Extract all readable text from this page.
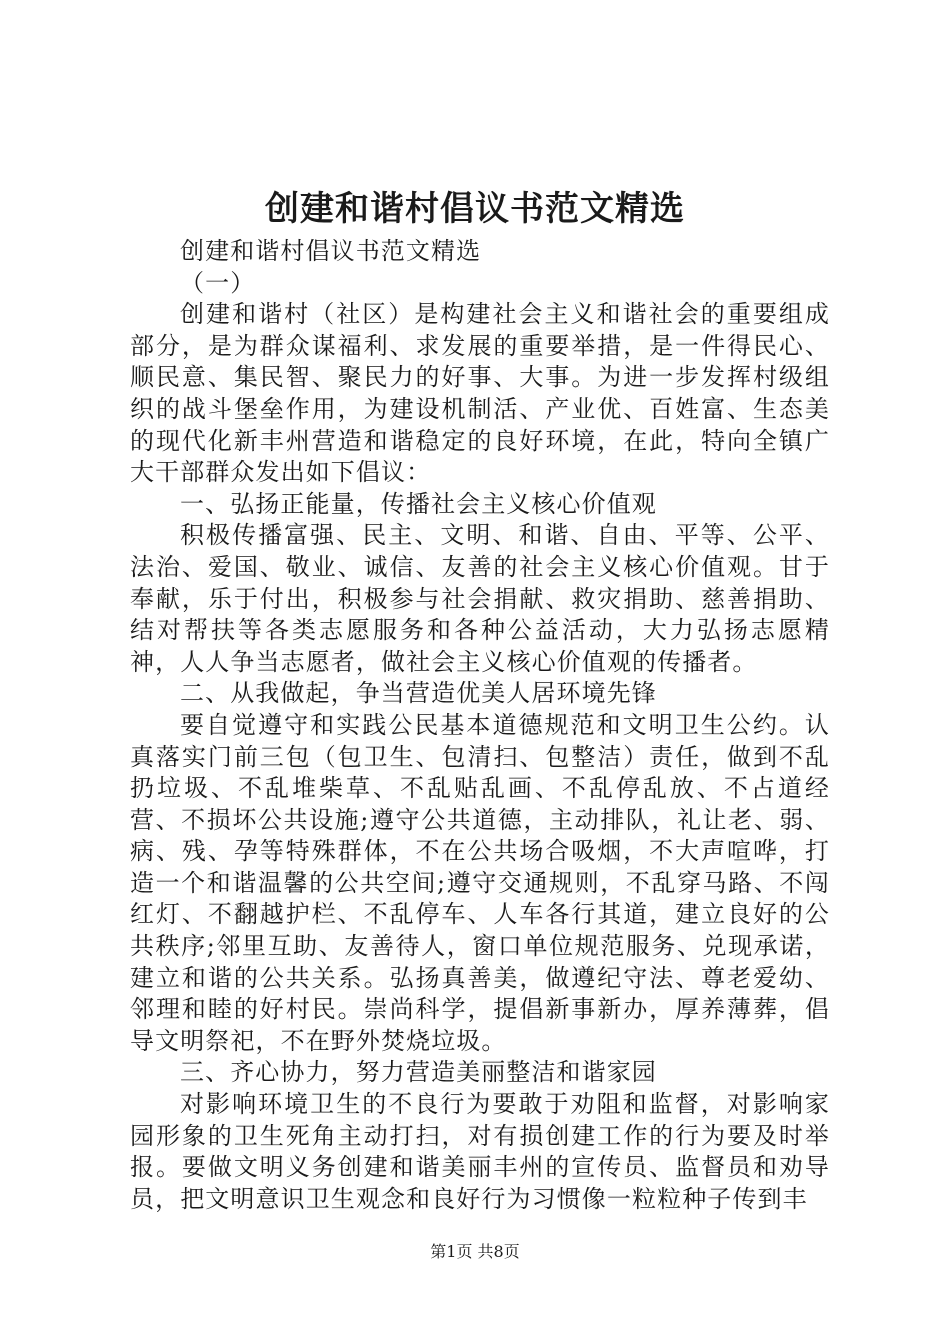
创建和谐村倡议书范文精选

创建和谐村倡议书范文精选

（一）

创建和谐村（社区）是构建社会主义和谐社会的重要组成部分，是为群众谋福利、求发展的重要举措，是一件得民心、顺民意、集民智、聚民力的好事、大事。为进一步发挥村级组织的战斗堡垒作用，为建设机制活、产业优、百姓富、生态美的现代化新丰州营造和谐稳定的良好环境，在此，特向全镇广大干部群众发出如下倡议：

一、弘扬正能量，传播社会主义核心价值观

积极传播富强、民主、文明、和谐、自由、平等、公平、法治、爱国、敬业、诚信、友善的社会主义核心价值观。甘于奉献，乐于付出，积极参与社会捐献、救灾捐助、慈善捐助、结对帮扶等各类志愿服务和各种公益活动，大力弘扬志愿精神，人人争当志愿者，做社会主义核心价值观的传播者。

二、从我做起，争当营造优美人居环境先锋

要自觉遵守和实践公民基本道德规范和文明卫生公约。认真落实门前三包（包卫生、包清扫、包整洁）责任，做到不乱扔垃圾、不乱堆柴草、不乱贴乱画、不乱停乱放、不占道经营、不损坏公共设施;遵守公共道德，主动排队，礼让老、弱、病、残、孕等特殊群体，不在公共场合吸烟，不大声喧哗，打造一个和谐温馨的公共空间;遵守交通规则，不乱穿马路、不闯红灯、不翻越护栏、不乱停车、人车各行其道，建立良好的公共秩序;邻里互助、友善待人，窗口单位规范服务、兑现承诺，建立和谐的公共关系。弘扬真善美，做遵纪守法、尊老爱幼、邻理和睦的好村民。崇尚科学，提倡新事新办，厚养薄葬，倡导文明祭祀，不在野外焚烧垃圾。

三、齐心协力，努力营造美丽整洁和谐家园

对影响环境卫生的不良行为要敢于劝阻和监督，对影响家园形象的卫生死角主动打扫，对有损创建工作的行为要及时举报。要做文明义务创建和谐美丽丰州的宣传员、监督员和劝导员，把文明意识卫生观念和良好行为习惯像一粒粒种子传到丰

第1页 共8页
